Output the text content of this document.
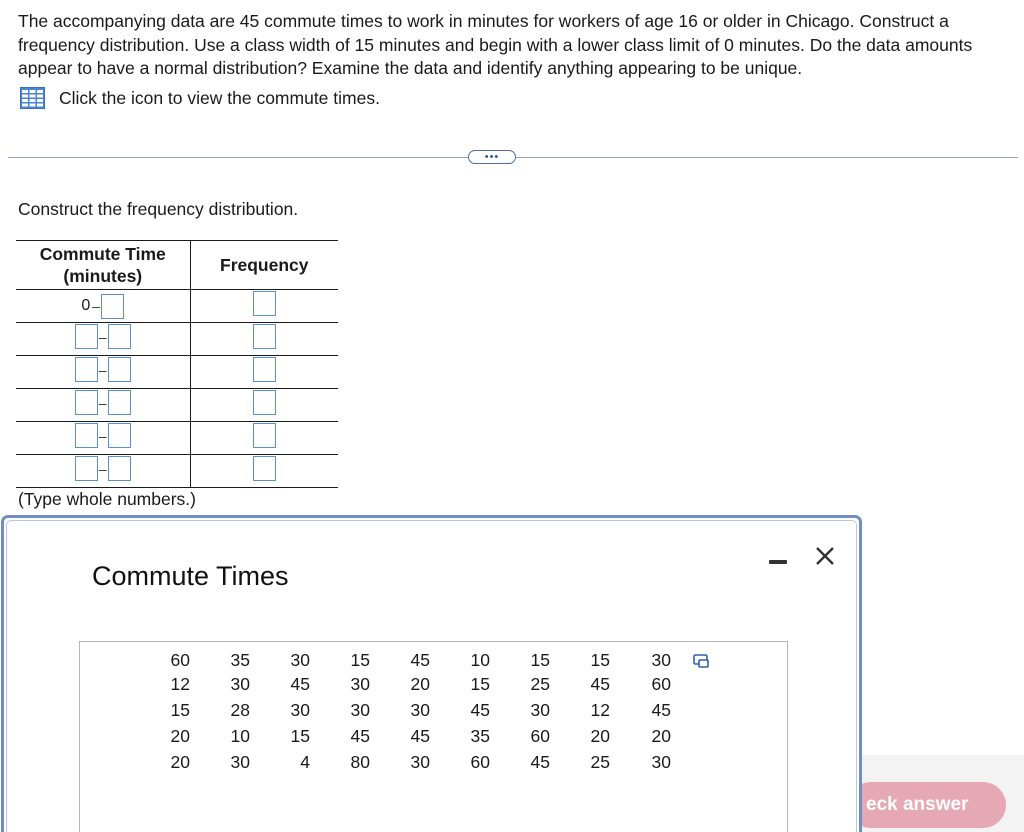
The accompanying data are 45 commute times to work in minutes for workers of age 16 or older in Chicago. Construct a frequency distribution. Use a class width of 15 minutes and begin with a lower class limit of 0 minutes. Do the data amounts appear to have a normal distribution? Examine the data and identify anything appearing to be unique.
Click the icon to view the commute times.
•••
Construct the frequency distribution.
Commute Time
(minutes)	Frequency

0 –	

–	

–	

–	

–	

–	

(Type whole numbers.)
eck answer
Commute Times
60	35	30	15	45	10	15	15	30
12	30	45	30	20	15	25	45	60
15	28	30	30	30	45	30	12	45
20	10	15	45	45	35	60	20	20
20	30	4	80	30	60	45	25	30
